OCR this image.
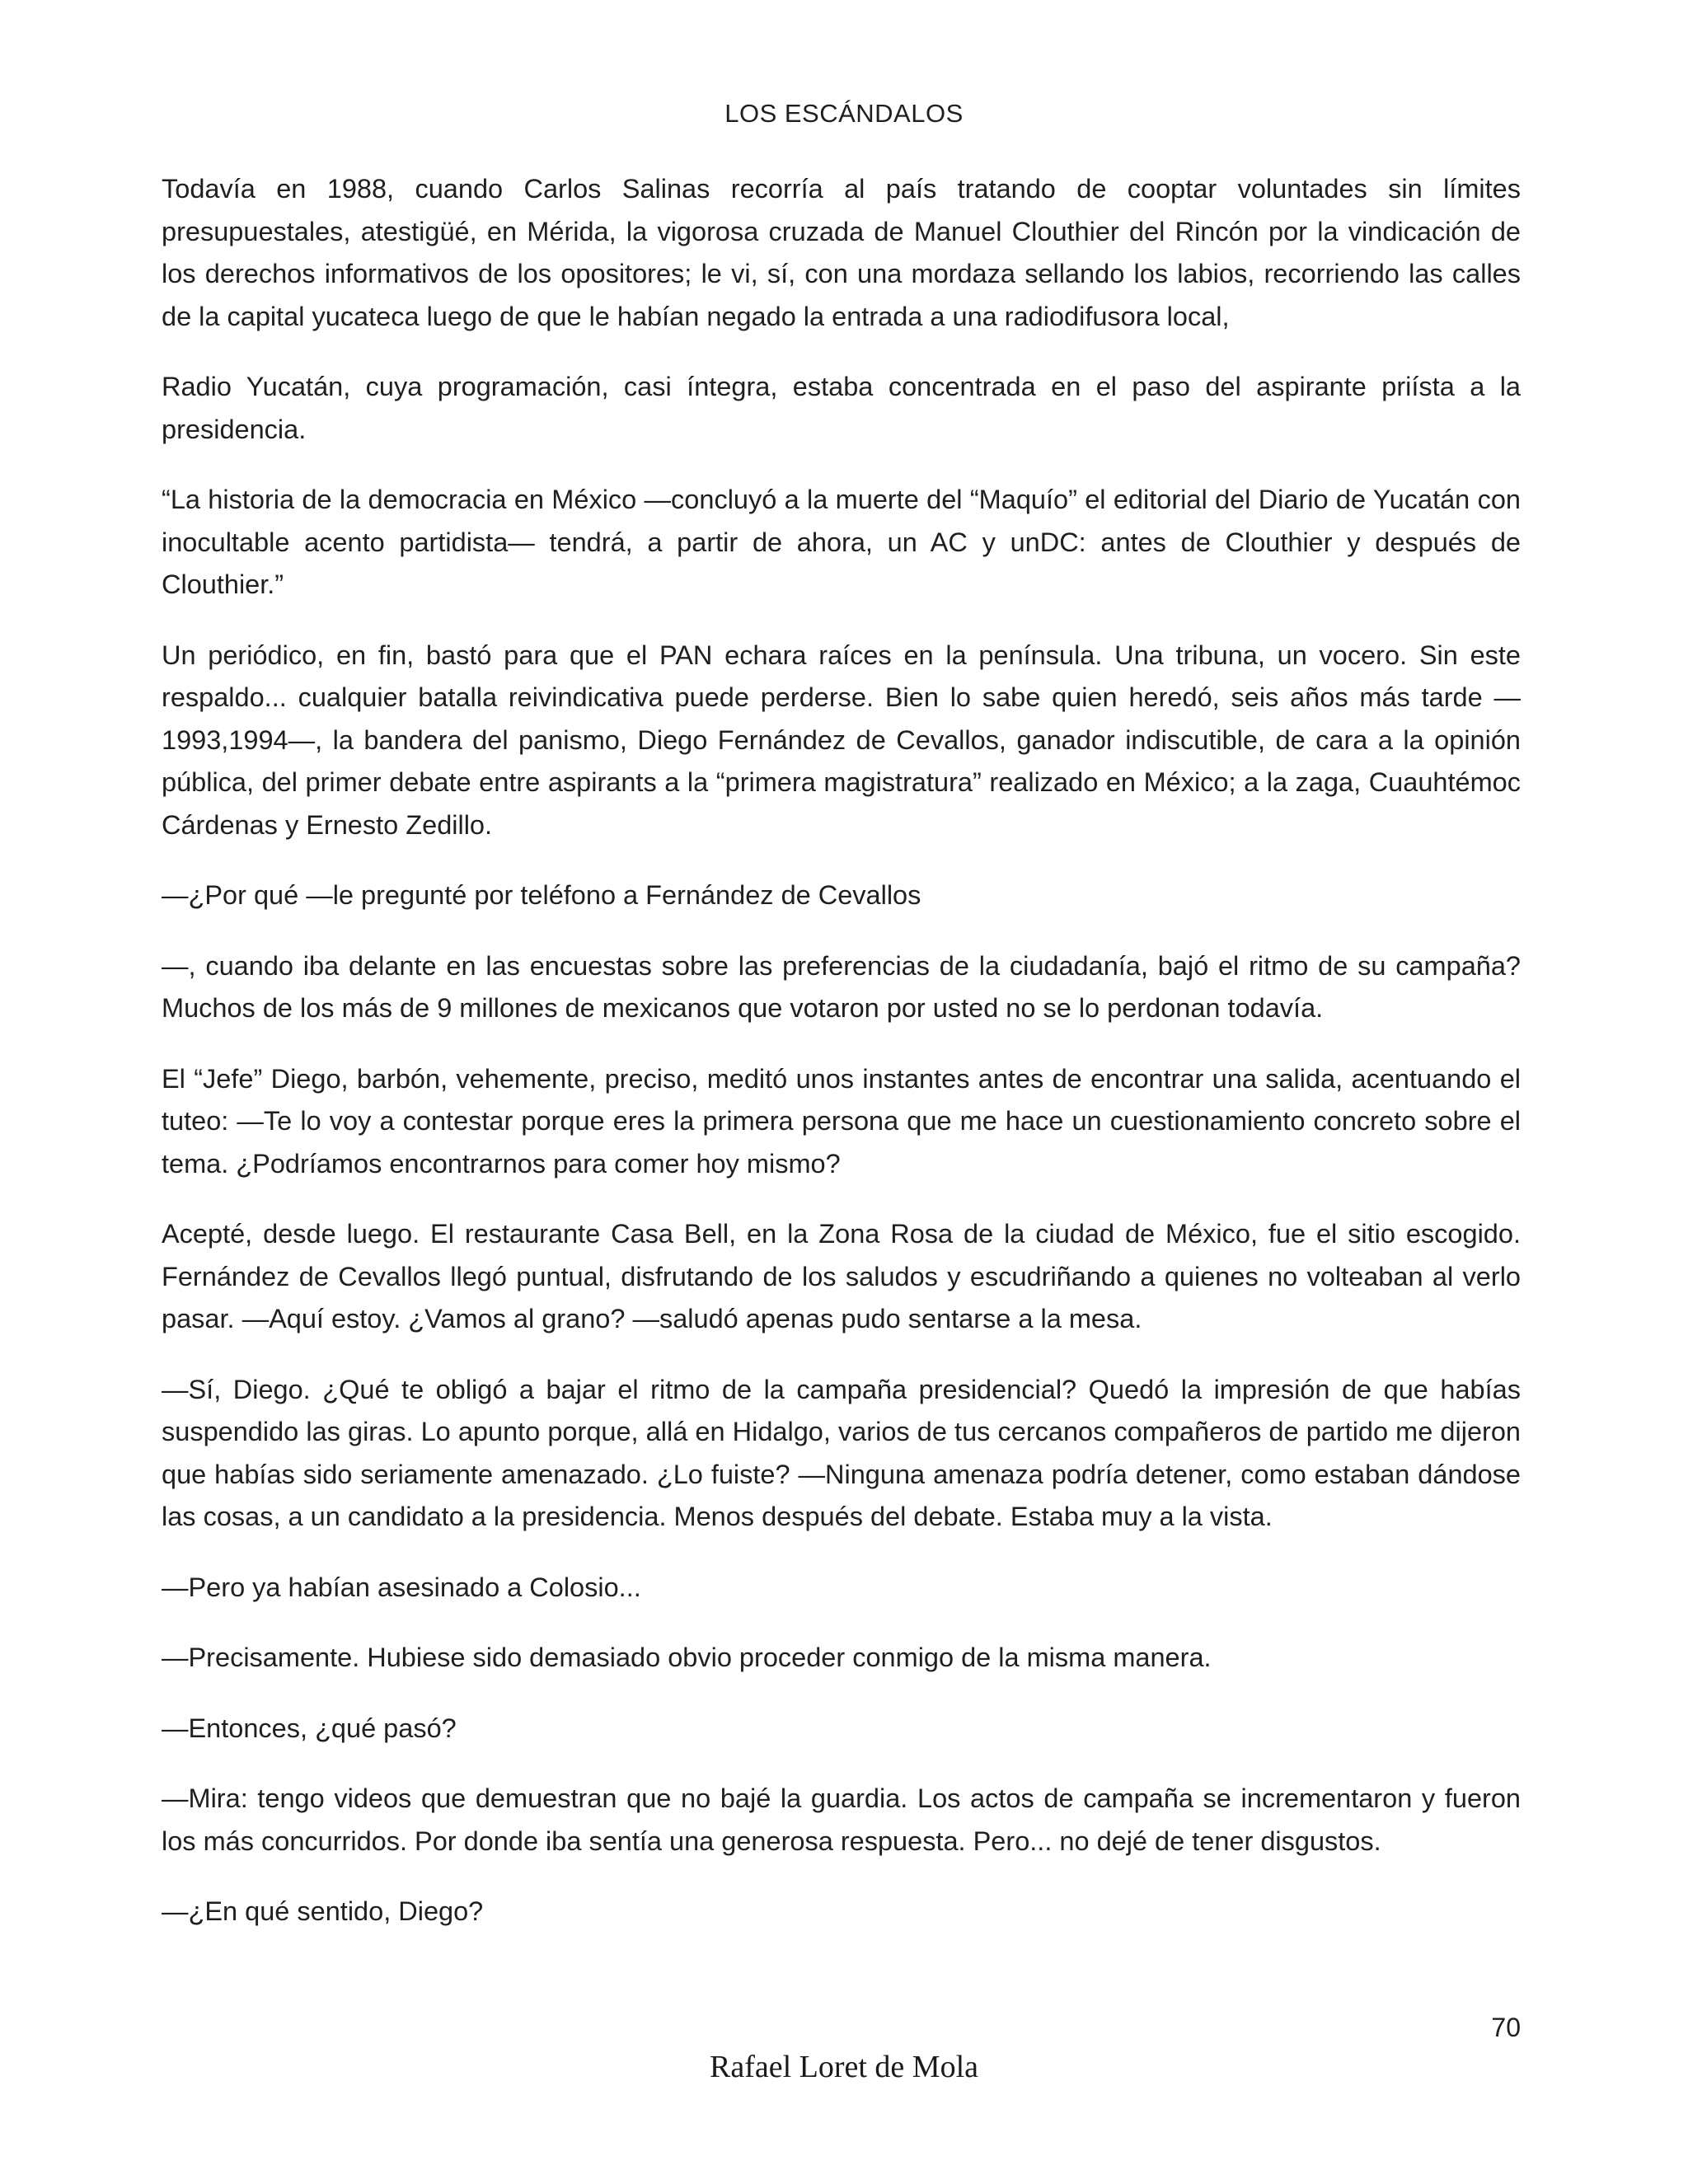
LOS ESCÁNDALOS

Todavía en 1988, cuando Carlos Salinas recorría al país tratando de cooptar voluntades sin límites presupuestales, atestigüé, en Mérida, la vigorosa cruzada de Manuel Clouthier del Rincón por la vindicación de los derechos informativos de los opositores; le vi, sí, con una mordaza sellando los labios, recorriendo las calles de la capital yucateca luego de que le habían negado la entrada a una radiodifusora local,

Radio Yucatán, cuya programación, casi íntegra, estaba concentrada en el paso del aspirante priísta a la presidencia.

“La historia de la democracia en México —concluyó a la muerte del “Maquío” el editorial del Diario de Yucatán con inocultable acento partidista— tendrá, a partir de ahora, un AC y unDC: antes de Clouthier y después de Clouthier.”

Un periódico, en fin, bastó para que el PAN echara raíces en la península. Una tribuna, un vocero. Sin este respaldo... cualquier batalla reivindicativa puede perderse. Bien lo sabe quien heredó, seis años más tarde — 1993,1994—, la bandera del panismo, Diego Fernández de Cevallos, ganador indiscutible, de cara a la opinión pública, del primer debate entre aspirants a la “primera magistratura” realizado en México; a la zaga, Cuauhtémoc Cárdenas y Ernesto Zedillo.

—¿Por qué —le pregunté por teléfono a Fernández de Cevallos

—, cuando iba delante en las encuestas sobre las preferencias de la ciudadanía, bajó el ritmo de su campaña? Muchos de los más de 9 millones de mexicanos que votaron por usted no se lo perdonan todavía.

El “Jefe” Diego, barbón, vehemente, preciso, meditó unos instantes antes de encontrar una salida, acentuando el tuteo: —Te lo voy a contestar porque eres la primera persona que me hace un cuestionamiento concreto sobre el tema. ¿Podríamos encontrarnos para comer hoy mismo?

Acepté, desde luego. El restaurante Casa Bell, en la Zona Rosa de la ciudad de México, fue el sitio escogido. Fernández de Cevallos llegó puntual, disfrutando de los saludos y escudriñando a quienes no volteaban al verlo pasar. —Aquí estoy. ¿Vamos al grano? —saludó apenas pudo sentarse a la mesa.

—Sí, Diego. ¿Qué te obligó a bajar el ritmo de la campaña presidencial? Quedó la impresión de que habías suspendido las giras. Lo apunto porque, allá en Hidalgo, varios de tus cercanos compañeros de partido me dijeron que habías sido seriamente amenazado. ¿Lo fuiste? —Ninguna amenaza podría detener, como estaban dándose las cosas, a un candidato a la presidencia. Menos después del debate. Estaba muy a la vista.

—Pero ya habían asesinado a Colosio...

—Precisamente. Hubiese sido demasiado obvio proceder conmigo de la misma manera.

—Entonces, ¿qué pasó?

—Mira: tengo videos que demuestran que no bajé la guardia. Los actos de campaña se incrementaron y fueron los más concurridos. Por donde iba sentía una generosa respuesta. Pero... no dejé de tener disgustos.

—¿En qué sentido, Diego?

70
Rafael Loret de Mola
